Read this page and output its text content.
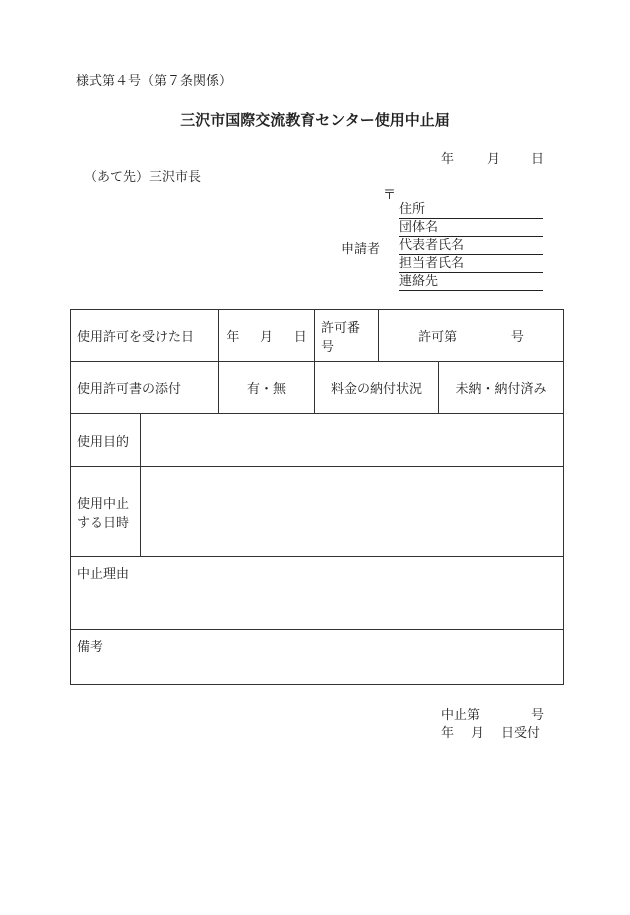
様式第４号（第７条関係）
三沢市国際交流教育センター使用中止届
年	月 日
（あて先）三沢市長
〒
住所
団体名
代表者氏名
担当者氏名
連絡先
申請者
使用許可を受けた日		年 月 日	許可番号	許可第 号	
使用許可書の添付		有・無	料金の納付状況		未納・納付済み
使用目的					

使用中止
する日時					

中止理由					
備考					
中止第	号
年 月 日受付
